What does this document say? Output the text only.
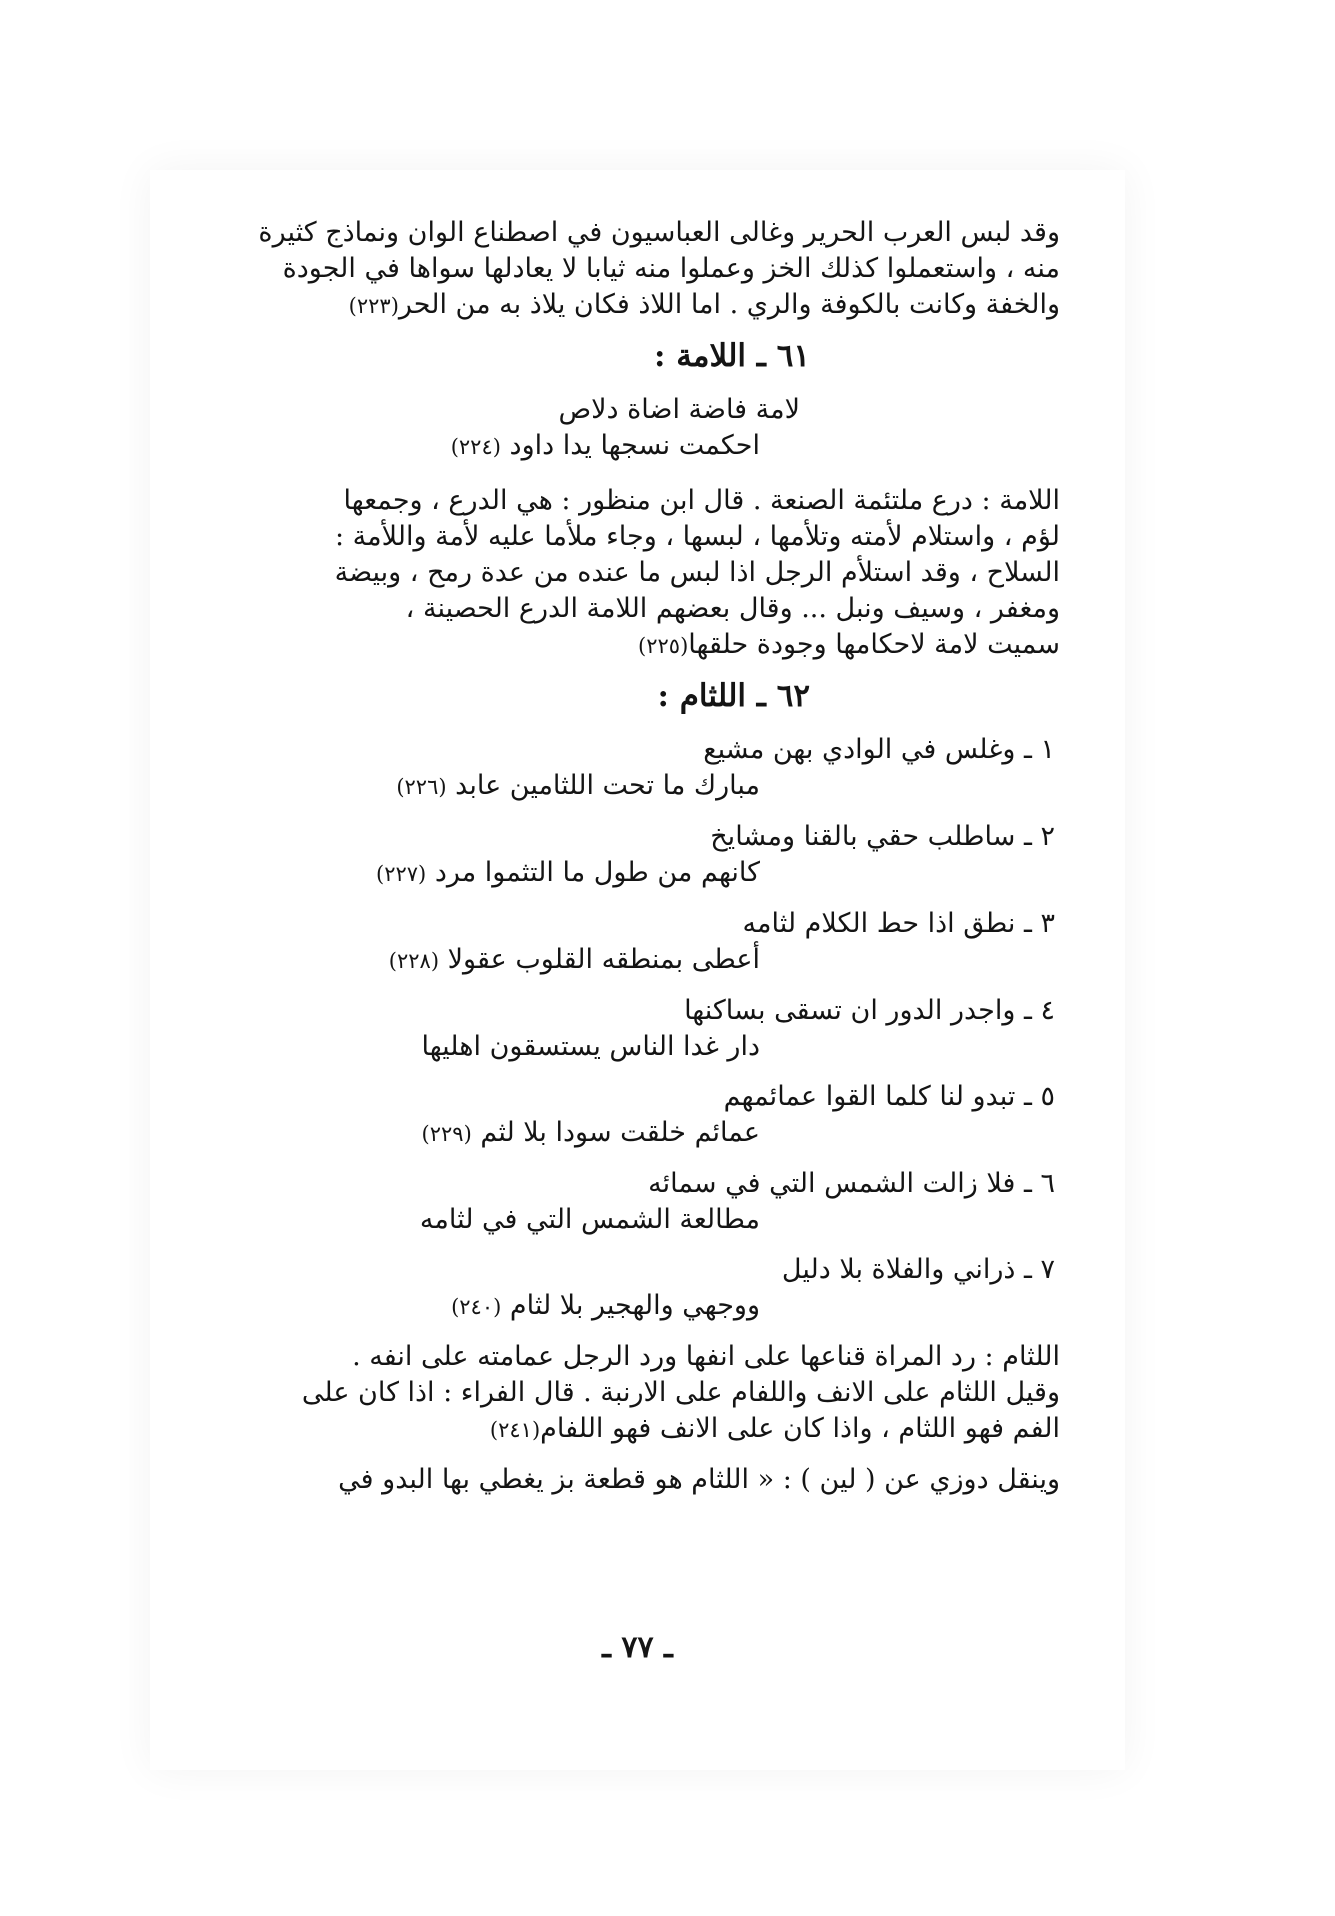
وقد لبس العرب الحرير وغالى العباسيون في اصطناع الوان ونماذج كثيرة
منه ، واستعملوا كذلك الخز وعملوا منه ثيابا لا يعادلها سواها في الجودة
والخفة وكانت بالكوفة والري . اما اللاذ فكان يلاذ به من الحر(٢٢٣)

٦١ ـ اللامة :
لامة فاضة اضاة دلاص
احكمت نسجها يدا داود (٢٢٤)

اللامة : درع ملتئمة الصنعة . قال ابن منظور : هي الدرع ، وجمعها
لؤم ، واستلام لأمته وتلأمها ، لبسها ، وجاء ملأما عليه لأمة واللأمة :
السلاح ، وقد استلأم الرجل اذا لبس ما عنده من عدة رمح ، وبيضة
ومغفر ، وسيف ونبل ... وقال بعضهم اللامة الدرع الحصينة ،
سميت لامة لاحكامها وجودة حلقها(٢٢٥)

٦٢ ـ اللثام :
١ ـ وغلس في الوادي بهن مشيع
مبارك ما تحت اللثامين عابد (٢٢٦)
٢ ـ ساطلب حقي بالقنا ومشايخ
كانهم من طول ما التثموا مرد (٢٢٧)
٣ ـ نطق اذا حط الكلام لثامه
أعطى بمنطقه القلوب عقولا (٢٢٨)
٤ ـ واجدر الدور ان تسقى بساكنها
دار غدا الناس يستسقون اهليها
٥ ـ تبدو لنا كلما القوا عمائمهم
عمائم خلقت سودا بلا لثم (٢٢٩)
٦ ـ فلا زالت الشمس التي في سمائه
مطالعة الشمس التي في لثامه
٧ ـ ذراني والفلاة بلا دليل
ووجهي والهجير بلا لثام (٢٤٠)

اللثام : رد المراة قناعها على انفها ورد الرجل عمامته على انفه .
وقيل اللثام على الانف واللفام على الارنبة . قال الفراء : اذا كان على
الفم فهو اللثام ، واذا كان على الانف فهو اللفام(٢٤١)

وينقل دوزي عن ( لين ) : « اللثام هو قطعة بز يغطي بها البدو في

ـ ٧٧ ـ
